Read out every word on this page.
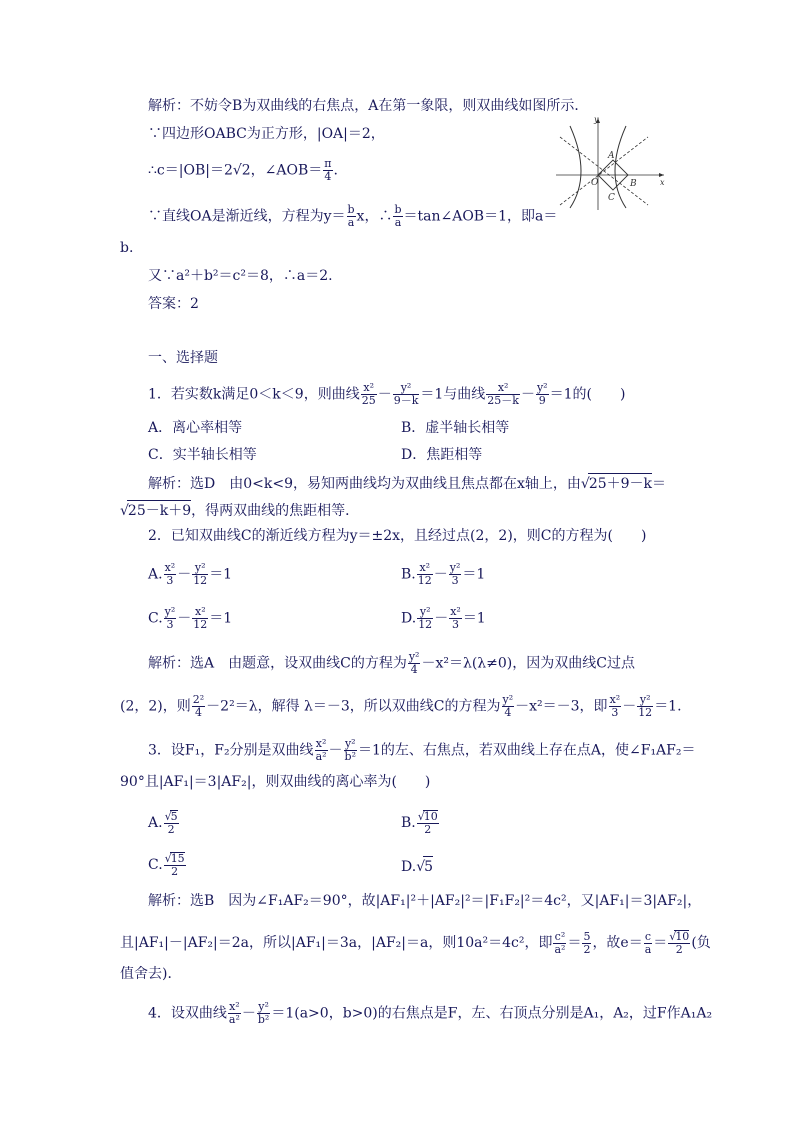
解析：不妨令B为双曲线的右焦点，A在第一象限，则双曲线如图所示．
∵四边形OABC为正方形，|OA|＝2，
∴c＝|OB|＝2√2，∠AOB＝ $\frac{\pi}{4}$ .
∵直线OA是渐近线，方程为$y= \frac{b}{a}$ x，∴ $\frac{b}{a}$ ＝tan∠AOB＝1，即a＝
b.
又∵a²＋b²＝c²＝8，∴a＝2.
答案：2
y
x
A
B
C
O
一、选择题
1．若实数k满足0＜k＜9，则曲线 $\frac{\text{x²}}{25} - \frac{\text{y²}}{9-k} =1$与曲线 $\frac{\text{x²}}{25-k} - \frac{\text{y²}}{9} =1$的(　　)
A．离心率相等	B．虚半轴长相等
C．实半轴长相等	D．焦距相等
解析：选D　由0<k<9，易知两曲线均为双曲线且焦点都在x轴上，由√25＋9－k＝
√25－k＋9，得两双曲线的焦距相等．
2．已知双曲线C的渐近线方程为y＝±2x，且经过点(2，2)，则C的方程为(　　)
A. $\frac{\text{x²}}{3} - \frac{\text{y²}}{12} =1$	B. $\frac{\text{x²}}{12} - \frac{\text{y²}}{3} =1$
C. $\frac{\text{y²}}{3} - \frac{\text{x²}}{12} =1$	D. $\frac{\text{y²}}{12} - \frac{\text{x²}}{3} =1$
解析：选A　由题意，设双曲线C的方程为 $\frac{\text{y²}}{4} -x^2=\lambda(\lambda\ne 0)$，因为双曲线C过点
(2，2)，则 $\frac{\text{2²}}{4} -2^2=\lambda$，解得 λ＝－3，所以双曲线C的方程为 $\frac{\text{y²}}{4} -x^2=-3$，即 $\frac{\text{x²}}{3} - \frac{\text{y²}}{12} =1$.
3．设F₁，F₂分别是双曲线 $\frac{\text{x²}}{\text{a²}} - \frac{\text{y²}}{\text{b²}} =1$的左、右焦点，若双曲线上存在点A，使∠F₁AF₂＝
90°且|AF₁|＝3|AF₂|，则双曲线的离心率为(　　)
A. $\frac{√5}{2}$	B. $\frac{√10}{2}$
C. $\frac{√15}{2}$	D.√5
解析：选B　因为∠F₁AF₂＝90°，故|AF₁|²＋|AF₂|²＝|F₁F₂|²＝4c²，又|AF₁|＝3|AF₂|，
且|AF₁|－|AF₂|＝2a，所以|AF₁|＝3a，|AF₂|＝a，则10a²＝4c²，即 $\frac{\text{c²}}{\text{a²}} = \frac{5}{2}$ ，故$e= \frac{c}{a} = \frac{√10}{2}$ (负
值舍去)．
4．设双曲线 $\frac{\text{x²}}{\text{a²}} - \frac{\text{y²}}{\text{b²}} =1(a>0$，b>0)的右焦点是F，左、右顶点分别是A₁，A₂，过F作A₁A₂
